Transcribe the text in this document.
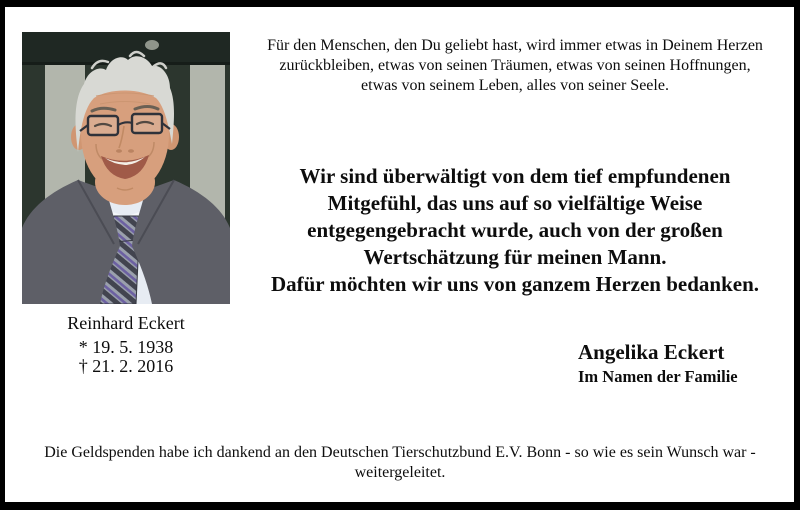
Für den Menschen, den Du geliebt hast, wird immer etwas in Deinem Herzen
zurückbleiben, etwas von seinen Träumen, etwas von seinen Hoffnungen,
etwas von seinem Leben, alles von seiner Seele.
Wir sind überwältigt von dem tief empfundenen
Mitgefühl, das uns auf so vielfältige Weise
entgegengebracht wurde, auch von der großen
Wertschätzung für meinen Mann.
Dafür möchten wir uns von ganzem Herzen bedanken.
Reinhard Eckert
* 19. 5. 1938
† 21. 2. 2016
Angelika Eckert
Im Namen der Familie
Die Geldspenden habe ich dankend an den Deutschen Tierschutzbund E.V. Bonn - so wie es sein Wunsch war -
weitergeleitet.
